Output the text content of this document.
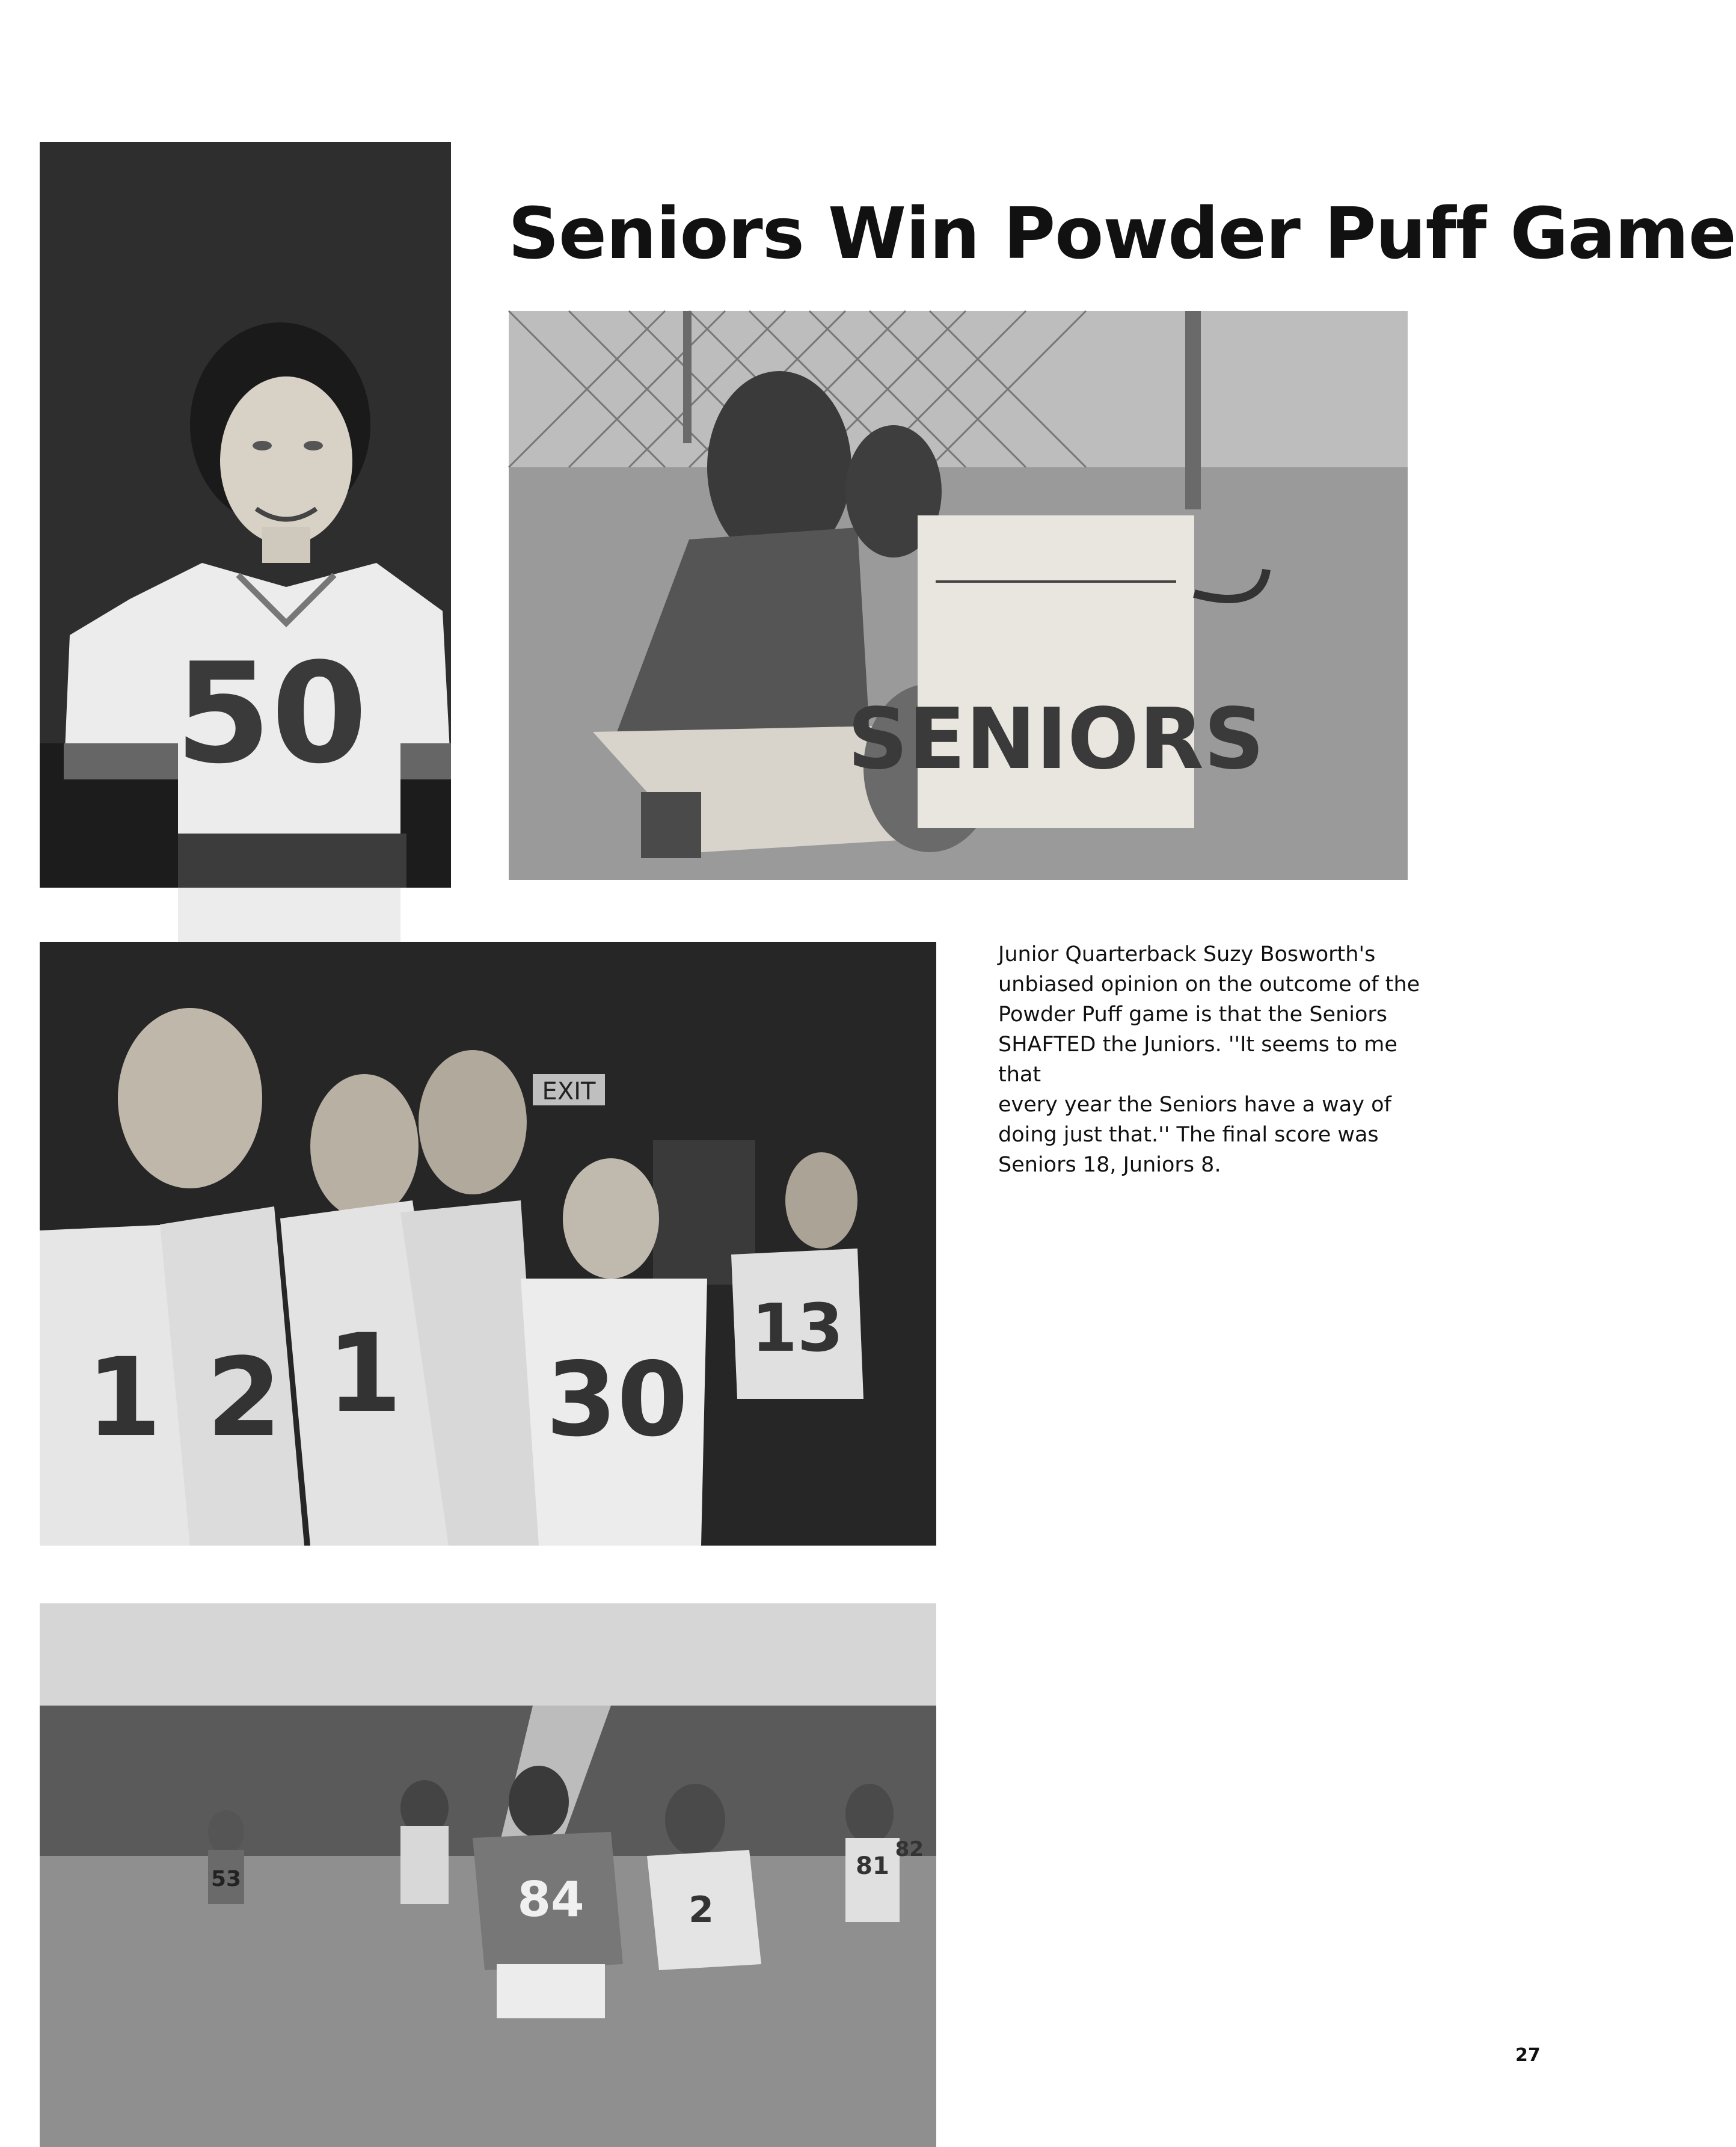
50
Seniors Win Powder Puff Game
SENIORS
EXIT
1 2 1 30
13

Junior Quarterback Suzy Bosworth's

unbiased opinion on the outcome of the

Powder Puff game is that the Seniors

SHAFTED the Juniors. ''It seems to me that

every year the Seniors have a way of

doing just that.'' The final score was

Seniors 18, Juniors 8.

53	84	2
81
82
27
